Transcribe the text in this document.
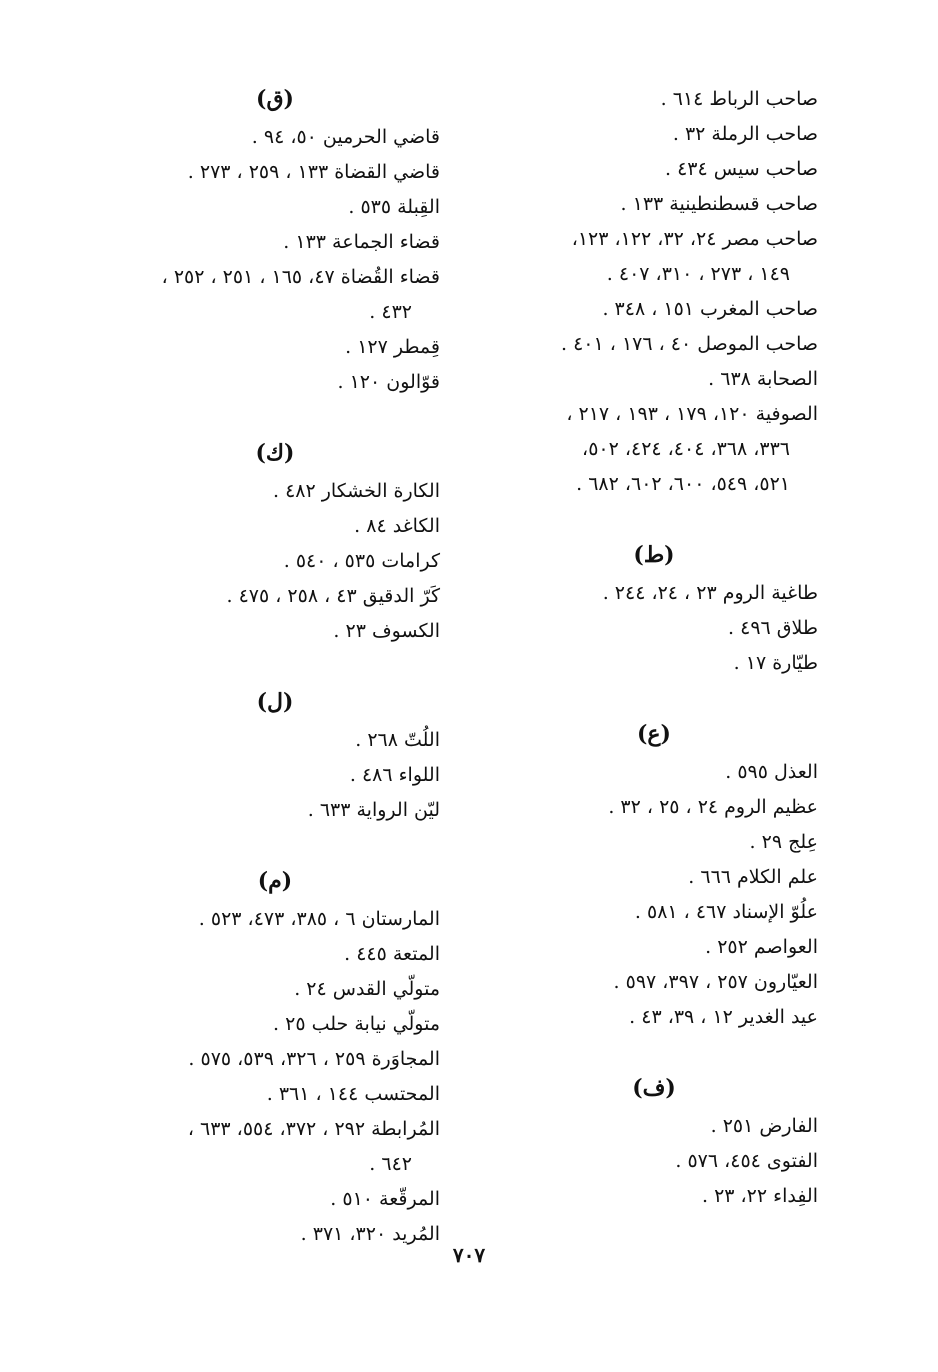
صاحب الرباط ٦١٤ .
صاحب الرملة ٣٢ .
صاحب سيس ٤٣٤ .
صاحب قسطنطينية ١٣٣ .
صاحب مصر ٢٤، ٣٢، ١٢٢، ١٢٣،
١٤٩ ، ٢٧٣ ، ٣١٠، ٤٠٧ .
صاحب المغرب ١٥١ ، ٣٤٨ .
صاحب الموصل ٤٠ ، ١٧٦ ، ٤٠١ .
الصحابة ٦٣٨ .
الصوفية ١٢٠، ١٧٩ ، ١٩٣ ، ٢١٧ ،
٣٣٦، ٣٦٨، ٤٠٤، ٤٢٤، ٥٠٢،
٥٢١، ٥٤٩، ٦٠٠، ٦٠٢، ٦٨٢ .
(ط)
طاغية الروم ٢٣ ، ٢٤، ٢٤٤ .
طلاق ٤٩٦ .
طيّارة ١٧ .
(ع)
العذل ٥٩٥ .
عظيم الروم ٢٤ ، ٢٥ ، ٣٢ .
عِلج ٢٩ .
علم الكلام ٦٦٦ .
علُوّ الإسناد ٤٦٧ ، ٥٨١ .
العواصم ٢٥٢ .
العيّارون ٢٥٧ ، ٣٩٧، ٥٩٧ .
عيد الغدير ١٢ ، ٣٩، ٤٣ .
(ف)
الفارض ٢٥١ .
الفتوى ٤٥٤، ٥٧٦ .
الفِداء ٢٢، ٢٣ .
(ق)
قاضي الحرمين ٥٠، ٩٤ .
قاضي القضاة ١٣٣ ، ٢٥٩ ، ٢٧٣ .
القِبلة ٥٣٥ .
قضاء الجماعة ١٣٣ .
قضاء القُضاة ٤٧، ١٦٥ ، ٢٥١ ، ٢٥٢ ،
٤٣٢ .
قِمطر ١٢٧ .
قوّالون ١٢٠ .
(ك)
الكارة الخشكار ٤٨٢ .
الكاغد ٨٤ .
كرامات ٥٣٥ ، ٥٤٠ .
كَرّ الدقيق ٤٣ ، ٢٥٨ ، ٤٧٥ .
الكسوف ٢٣ .
(ل)
اللُتّ ٢٦٨ .
اللواء ٤٨٦ .
ليّن الرواية ٦٣٣ .
(م)
المارستان ٦ ، ٣٨٥، ٤٧٣، ٥٢٣ .
المتعة ٤٤٥ .
متولّي القدس ٢٤ .
متولّي نيابة حلب ٢٥ .
المجاوَرة ٢٥٩ ، ٣٢٦، ٥٣٩، ٥٧٥ .
المحتسب ١٤٤ ، ٣٦١ .
المُرابطة ٢٩٢ ، ٣٧٢، ٥٥٤، ٦٣٣ ،
٦٤٢ .
المرقّعة ٥١٠ .
المُريد ٣٢٠، ٣٧١ .
٧٠٧
